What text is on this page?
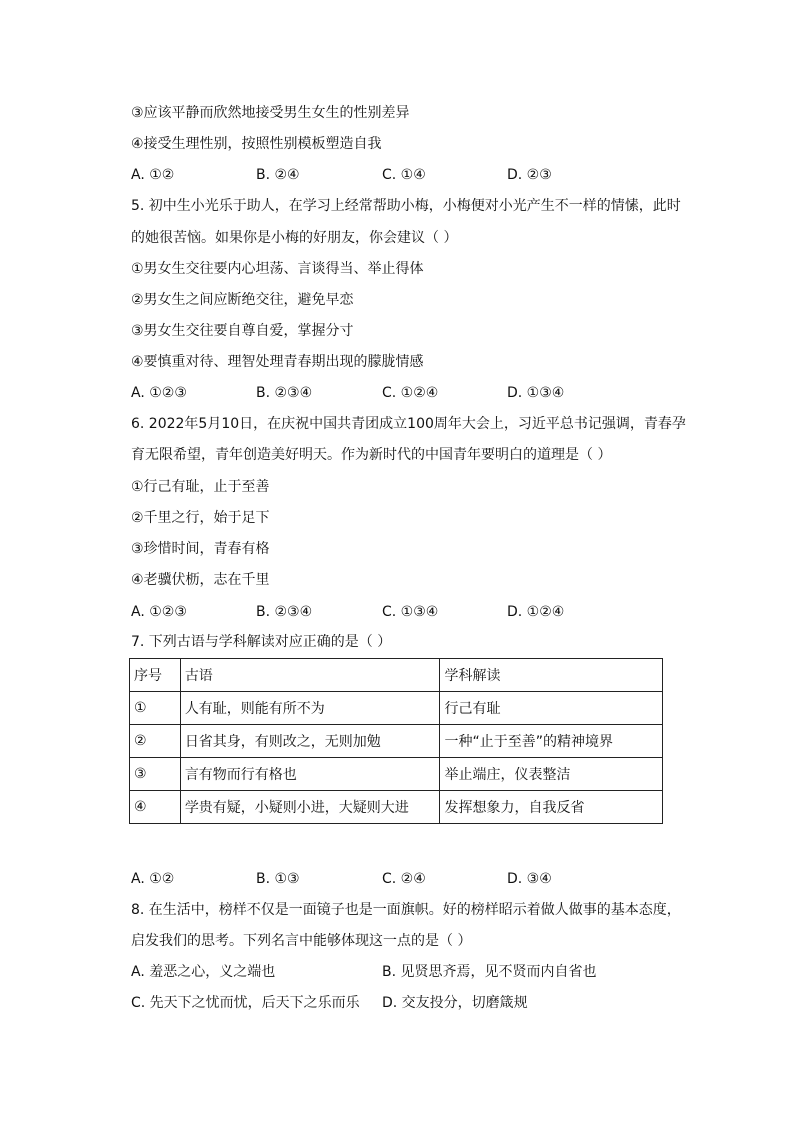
③应该平静而欣然地接受男生女生的性别差异
④接受生理性别，按照性别模板塑造自我
A. ①②	B. ②④	C. ①④	D. ②③
5. 初中生小光乐于助人，在学习上经常帮助小梅，小梅便对小光产生不一样的情愫，此时
的她很苦恼。如果你是小梅的好朋友，你会建议（ ）
①男女生交往要内心坦荡、言谈得当、举止得体
②男女生之间应断绝交往，避免早恋
③男女生交往要自尊自爱，掌握分寸
④要慎重对待、理智处理青春期出现的朦胧情感
A. ①②③	B. ②③④	C. ①②④	D. ①③④
6. 2022年5月10日，在庆祝中国共青团成立100周年大会上，习近平总书记强调，青春孕
育无限希望，青年创造美好明天。作为新时代的中国青年要明白的道理是（ ）
①行己有耻，止于至善
②千里之行，始于足下
③珍惜时间，青春有格
④老骥伏枥，志在千里
A. ①②③	B. ②③④	C. ①③④	D. ①②④
7. 下列古语与学科解读对应正确的是（ ）
序号	古语	学科解读
①	人有耻，则能有所不为	行己有耻
②	日省其身，有则改之，无则加勉	一种“止于至善”的精神境界
③	言有物而行有格也	举止端庄，仪表整洁
④	学贵有疑，小疑则小进，大疑则大进	发挥想象力，自我反省
A. ①②	B. ①③	C. ②④	D. ③④
8. 在生活中，榜样不仅是一面镜子也是一面旗帜。好的榜样昭示着做人做事的基本态度，
启发我们的思考。下列名言中能够体现这一点的是（ ）
A. 羞恶之心，义之端也	B. 见贤思齐焉，见不贤而内自省也
C. 先天下之忧而忧，后天下之乐而乐 D. 交友投分，切磨箴规
